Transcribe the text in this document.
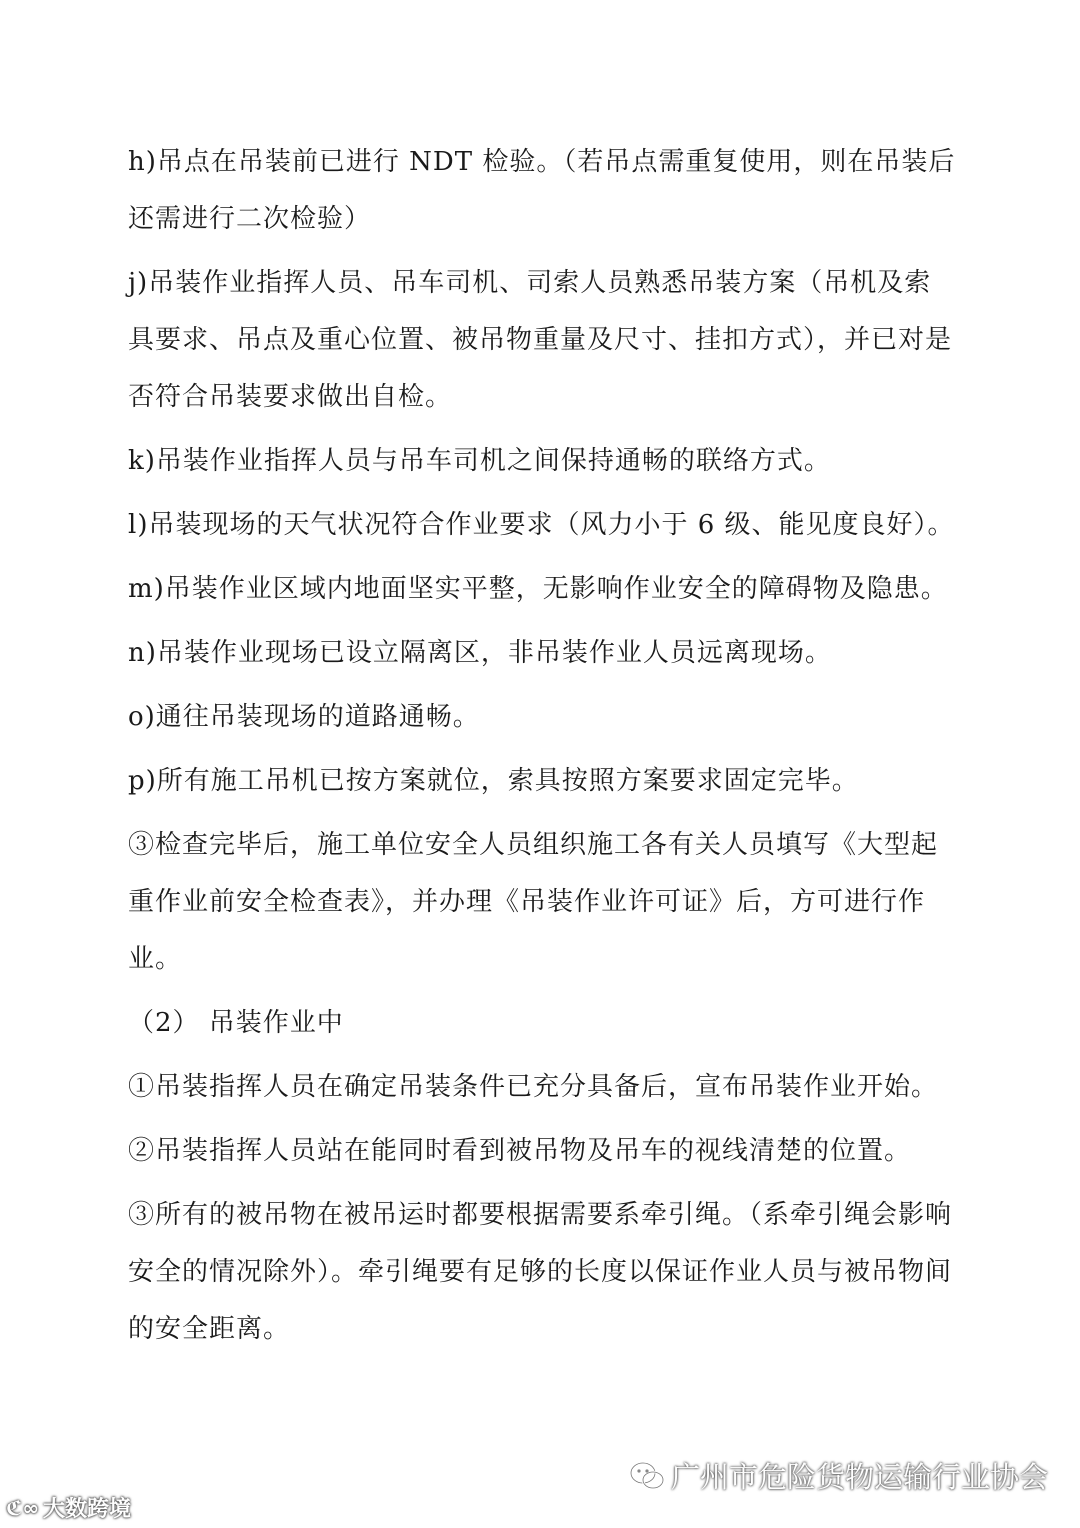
h)吊点在吊装前已进行 NDT 检验。（若吊点需重复使用，则在吊装后还需进行二次检验）

j)吊装作业指挥人员、吊车司机、司索人员熟悉吊装方案（吊机及索具要求、吊点及重心位置、被吊物重量及尺寸、挂扣方式），并已对是否符合吊装要求做出自检。

k)吊装作业指挥人员与吊车司机之间保持通畅的联络方式。

l)吊装现场的天气状况符合作业要求（风力小于 6 级、能见度良好）。

m)吊装作业区域内地面坚实平整，无影响作业安全的障碍物及隐患。

n)吊装作业现场已设立隔离区，非吊装作业人员远离现场。

o)通往吊装现场的道路通畅。

p)所有施工吊机已按方案就位，索具按照方案要求固定完毕。

③检查完毕后，施工单位安全人员组织施工各有关人员填写《大型起重作业前安全检查表》，并办理《吊装作业许可证》后，方可进行作业。

（2） 吊装作业中

①吊装指挥人员在确定吊装条件已充分具备后，宣布吊装作业开始。

②吊装指挥人员站在能同时看到被吊物及吊车的视线清楚的位置。

③所有的被吊物在被吊运时都要根据需要系牵引绳。（系牵引绳会影响安全的情况除外）。牵引绳要有足够的长度以保证作业人员与被吊物间的安全距离。

广州市危险货物运输行业协会
ℭ∞ 大数跨境
